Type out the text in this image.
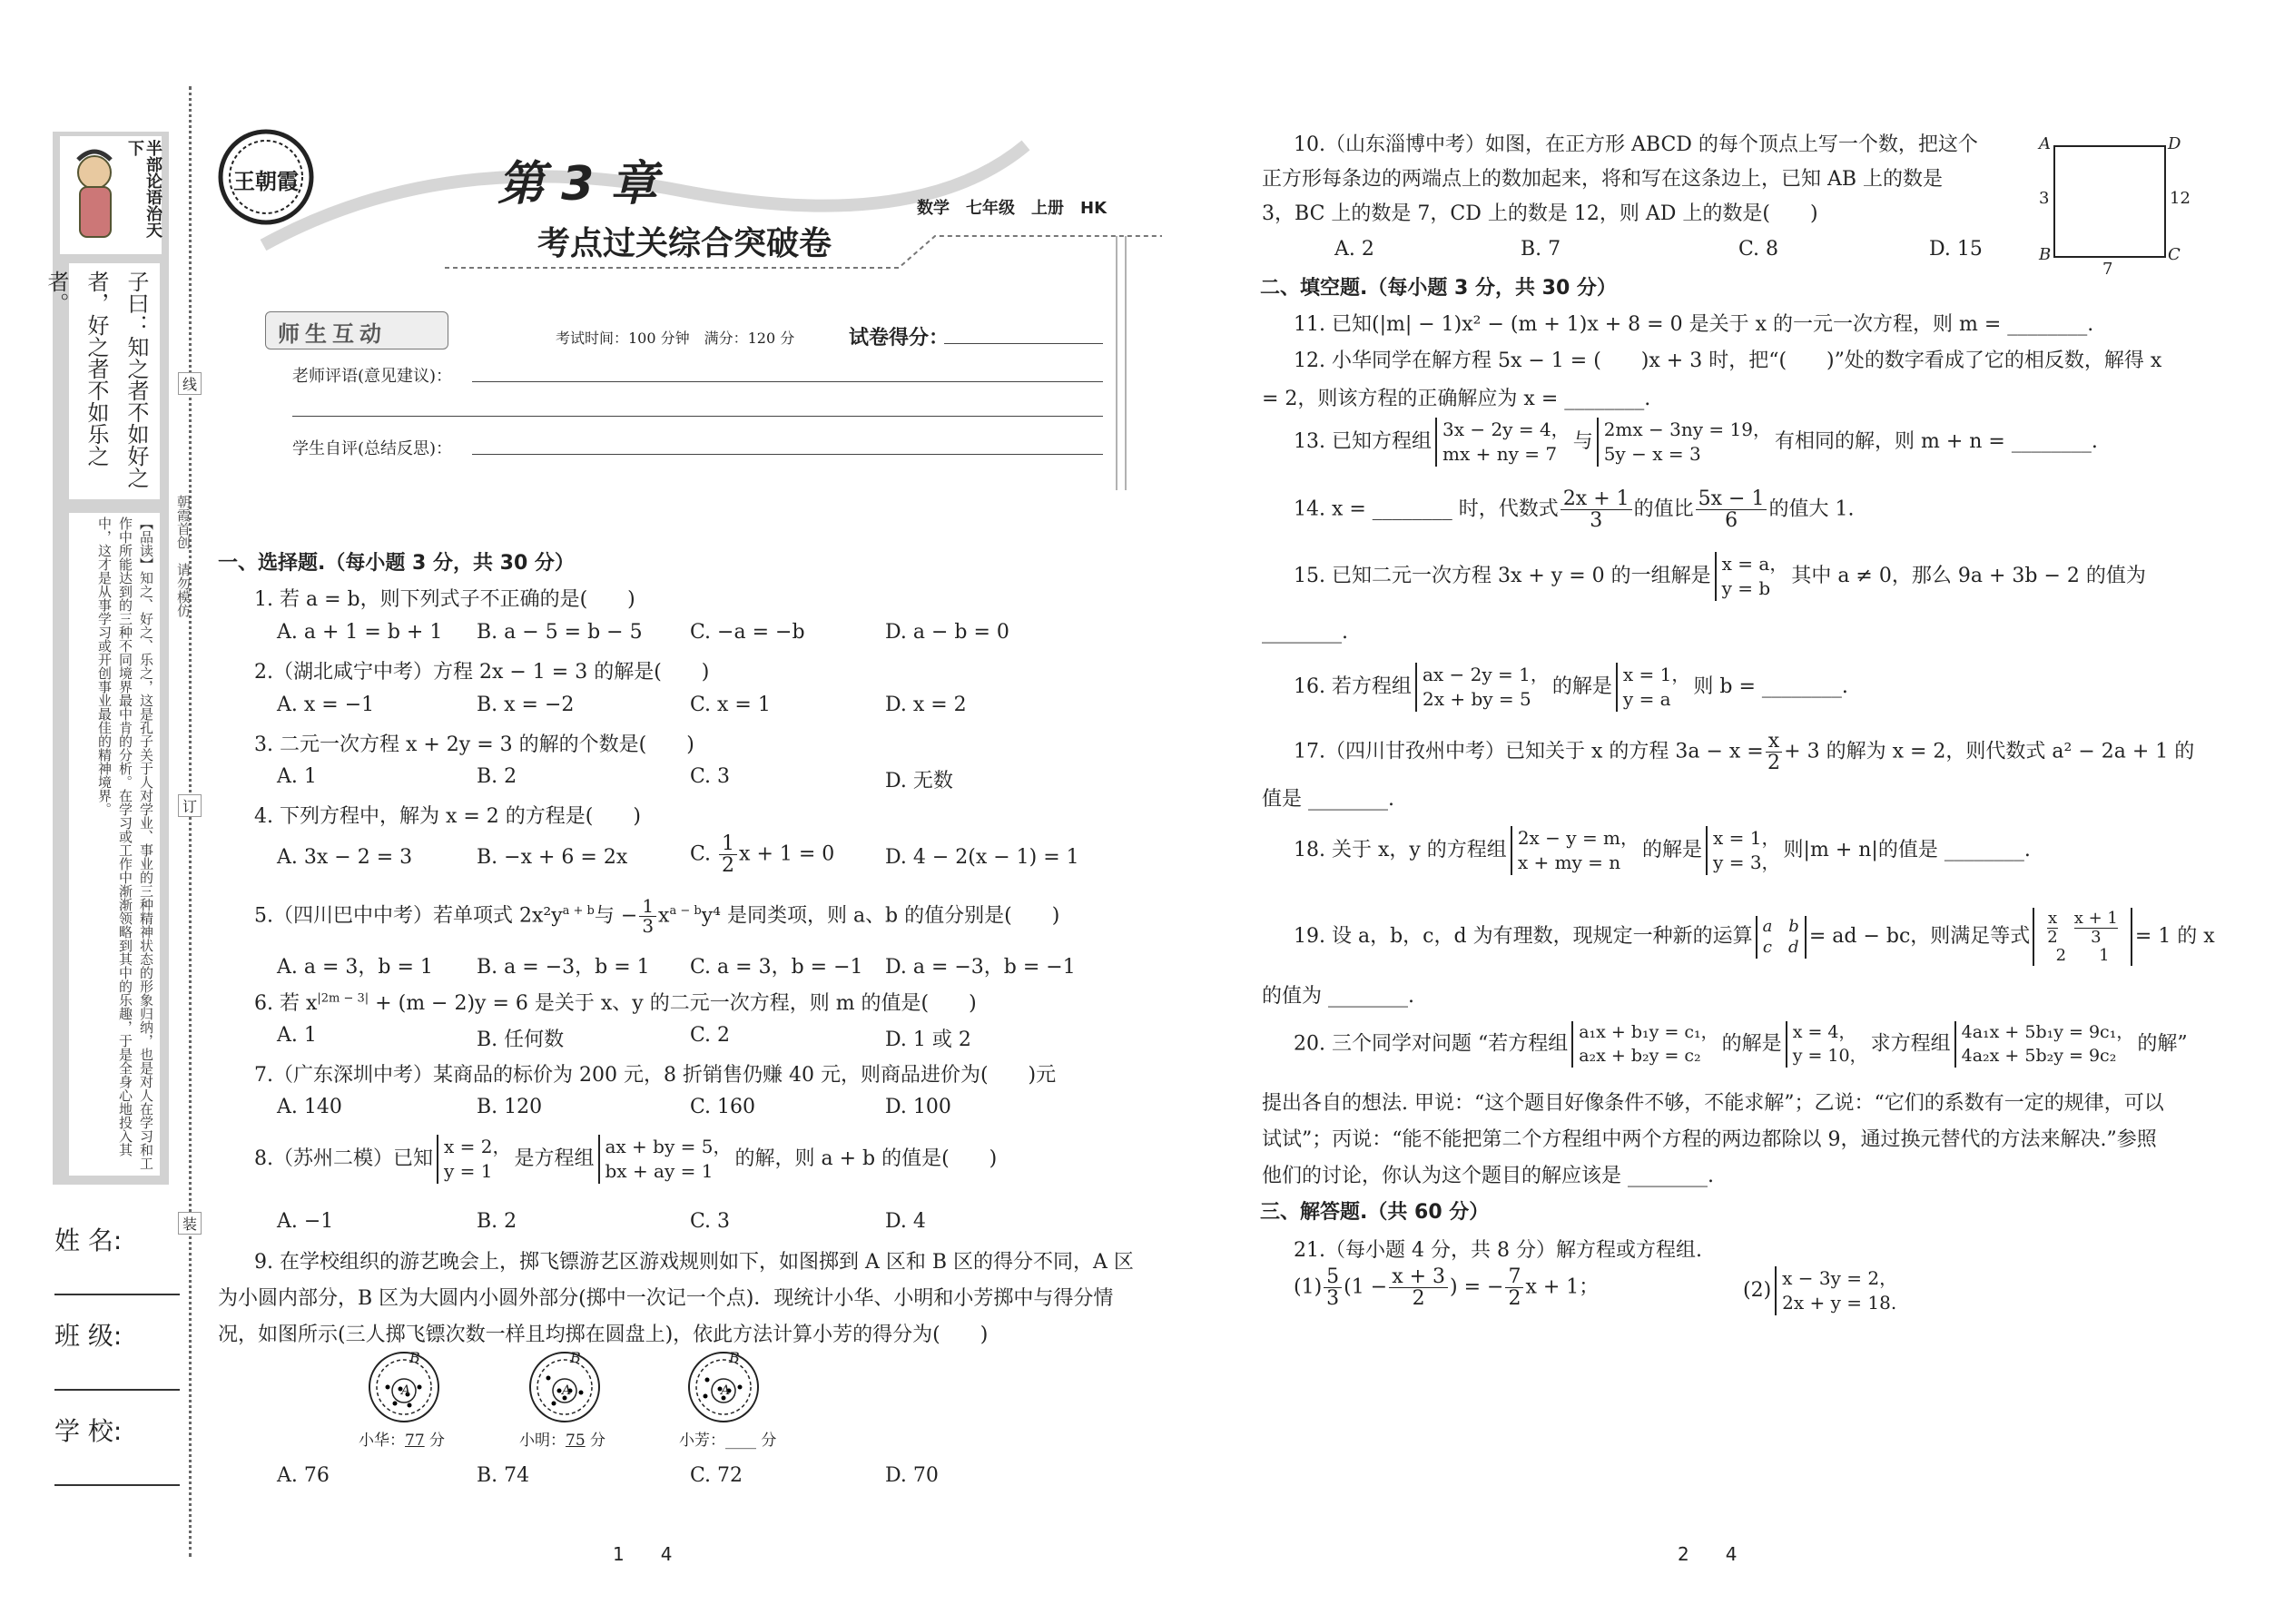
半部论语治天下
子曰：知之者不如好之者，好之者不如乐之者。
【品读】知之、好之、乐之，这是孔子关于人对学业、事业的三种精神状态的形象归纳，也是对人在学习和工作中所能达到的三种不同境界最中肯的分析。在学习或工作中渐渐领略到其中的乐趣，于是全身心地投入其中，这才是从事学习或开创事业最佳的精神境界。
姓 名:
班 级:
学 校:
线
订
装
朝霞首创　请勿模仿
王朝霞	第 3 章
考点过关综合突破卷
数学　七年级　上册　HK
师生互动	考试时间：100 分钟　满分：120 分	试卷得分：
老师评语(意见建议)：
学生自评(总结反思)：
一、选择题.（每小题 3 分，共 30 分）
1. 若 a = b，则下列式子不正确的是(　　)
A. a + 1 = b + 1 B. a − 5 = b − 5 C. −a = −b	D. a − b = 0
2.（湖北咸宁中考）方程 2x − 1 = 3 的解是(　　)
A. x = −1	B. x = −2	C. x = 1	D. x = 2
3. 二元一次方程 x + 2y = 3 的解的个数是(　　)
A. 1	B. 2	C. 3	D. 无数
4. 下列方程中，解为 x = 2 的方程是(　　)
A. 3x − 2 = 3	B. −x + 6 = 2x	C. $\frac{1}{2}$ x + 1 = 0	D. 4 − 2(x − 1) = 1
5.（四川巴中中考）若单项式 $2x^2y^{a + b}$与 − $\frac{1}{3} x^{a - b}y^4$ 是同类项，则 a、b 的值分别是(　　)
A. a = 3，b = 1 B. a = −3，b = 1 C. a = 3，b = −1 D. a = −3，b = −1
6. 若 $x^{|2m - 3|} + (m - 2)y = 6$ 是关于 x、y 的二元一次方程，则 m 的值是(　　)
A. 1	B. 任何数	C. 2	D. 1 或 2
7.（广东深圳中考）某商品的标价为 200 元，8 折销售仍赚 40 元，则商品进价为(　　)元
A. 140	B. 120	C. 160	D. 100
8.（苏州二模）已知
x = 2，
y = 1
是方程组
ax + by = 5，
bx + ay = 1
的解，则 a + b 的值是(　　)
A. −1	B. 2	C. 3	D. 4
9. 在学校组织的游艺晚会上，掷飞镖游艺区游戏规则如下，如图掷到 A 区和 B 区的得分不同，A 区
为小圆内部分，B 区为大圆内小圆外部分(掷中一次记一个点)．现统计小华、小明和小芳掷中与得分情
况，如图所示(三人掷飞镖次数一样且均掷在圆盘上)，依此方法计算小芳的得分为(　　)
B
A
B
A
B
A
小华：77 分	小明：75 分	小芳：____ 分
A. 76	B. 74	C. 72	D. 70
1　　4
10.（山东淄博中考）如图，在正方形 ABCD 的每个顶点上写一个数，把这个
正方形每条边的两端点上的数加起来，将和写在这条边上，已知 AB 上的数是
3，BC 上的数是 7，CD 上的数是 12，则 AD 上的数是(　　)
A. 2	B. 7	C. 8	D. 15
A	D
B	C
3	12
7
二、填空题.（每小题 3 分，共 30 分）
11. 已知(|m| − 1)x² − (m + 1)x + 8 = 0 是关于 x 的一元一次方程，则 m = ________.
12. 小华同学在解方程 5x − 1 = (　　)x + 3 时，把“(　　)”处的数字看成了它的相反数，解得 x
= 2，则该方程的正确解应为 x = ________.
13. 已知方程组
3x − 2y = 4，
mx + ny = 7
与
2mx − 3ny = 19，
5y − x = 3
有相同的解，则 m + n = ________.
14. x = ________ 时，代数式 $\frac{2x + 1}{3}$ 的值比 $\frac{5x - 1}{6}$ 的值大 1.
15. 已知二元一次方程 3x + y = 0 的一组解是
x = a，
y = b
其中 a ≠ 0，那么 9a + 3b − 2 的值为
________.
16. 若方程组
ax − 2y = 1，
2x + by = 5
的解是
x = 1，
y = a
则 b = ________.
17.（四川甘孜州中考）已知关于 x 的方程 $3a - x = \frac{x}{2} + 3$ 的解为 x = 2，则代数式 a² − 2a + 1 的
值是 ________.
18. 关于 x，y 的方程组
2x − y = m，
x + my = n
的解是
x = 1，
y = 3，
则|m + n|的值是 ________.
19. 设 a，b，c，d 为有理数，现规定一种新的运算 a　b
c　d = ad − bc，则满足等式 $\frac{x}{2} \frac{x + 1}{3}$
2　　1
= 1 的 x
的值为 ________.
20. 三个同学对问题 “若方程组
a₁x + b₁y = c₁，
a₂x + b₂y = c₂	的解是
x = 4，
y = 10， 求方程组
4a₁x + 5b₁y = 9c₁，
4a₂x + 5b₂y = 9c₂	的解”
提出各自的想法. 甲说：“这个题目好像条件不够，不能求解”；乙说：“它们的系数有一定的规律，可以
试试”；丙说：“能不能把第二个方程组中两个方程的两边都除以 9，通过换元替代的方法来解决.”参照
他们的讨论，你认为这个题目的解应该是 ________.
三、解答题.（共 60 分）
21.（每小题 4 分，共 8 分）解方程或方程组.
$(1) \frac{5}{3} (1 - \frac{x + 3}{2}$ ) = − $\frac{7}{2}$ x + 1；	(2)
x − 3y = 2，
2x + y = 18.
2　　4
